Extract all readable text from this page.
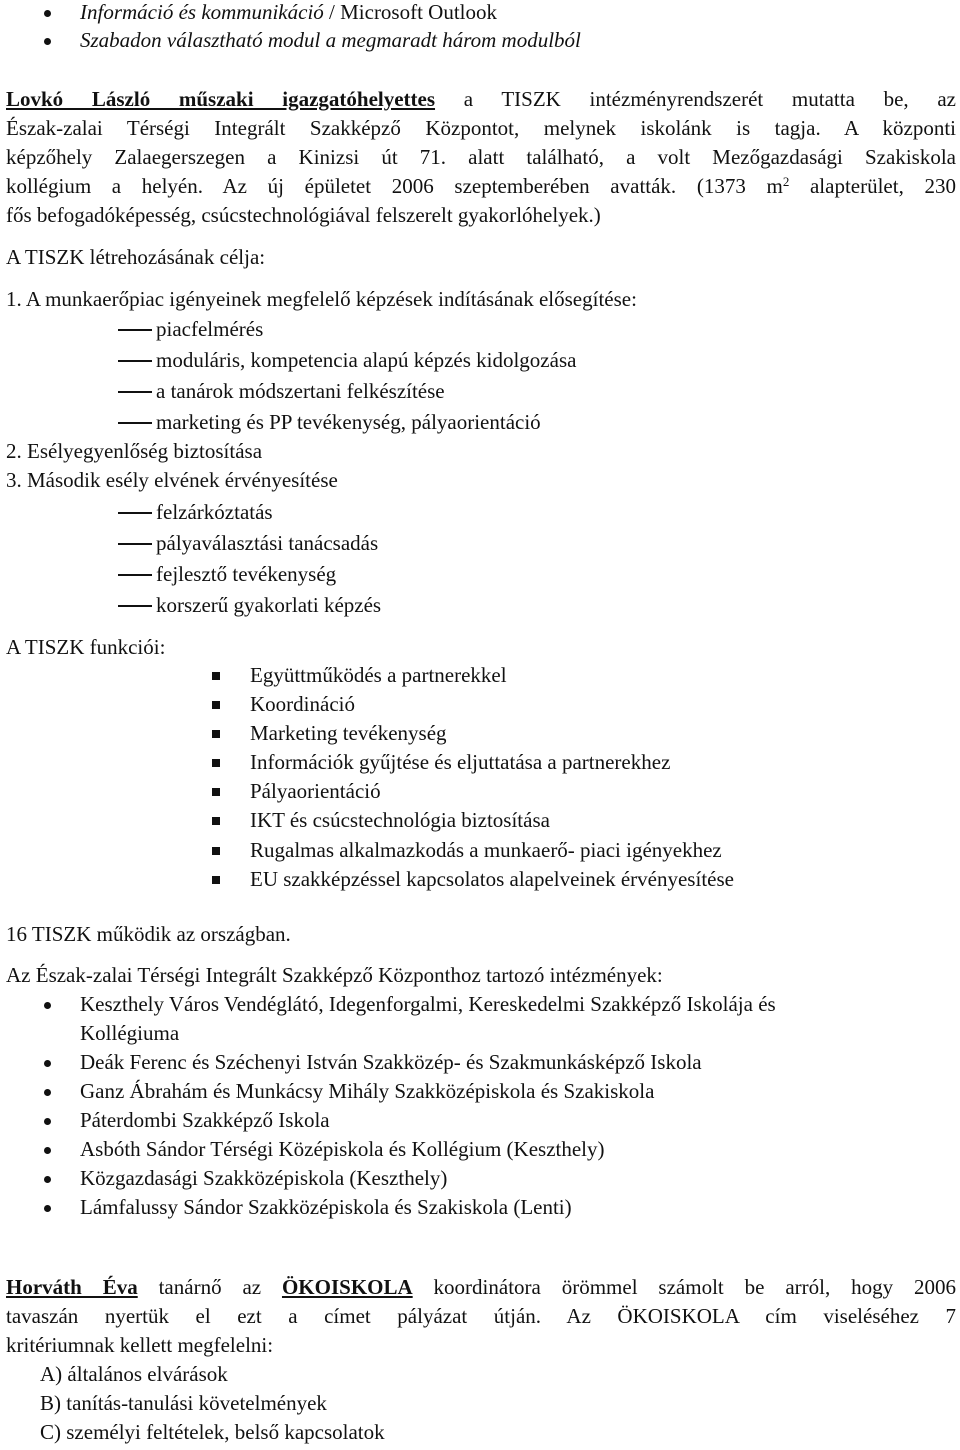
Információ és kommunikáció / Microsoft Outlook
Szabadon választható modul a megmaradt három modulból
Lovkó László műszaki igazgatóhelyettes a TISZK intézményrendszerét mutatta be, az
Észak-zalai Térségi Integrált Szakképző Központot, melynek iskolánk is tagja. A központi
képzőhely Zalaegerszegen a Kinizsi út 71. alatt található, a volt Mezőgazdasági Szakiskola
kollégium a helyén. Az új épületet 2006 szeptemberében avatták. (1373 $m^2$ alapterület, 230
fős befogadóképesség, csúcstechnológiával felszerelt gyakorlóhelyek.)
A TISZK létrehozásának célja:
1. A munkaerőpiac igényeinek megfelelő képzések indításának elősegítése:
piacfelmérés
moduláris, kompetencia alapú képzés kidolgozása
a tanárok módszertani felkészítése
marketing és PP tevékenység, pályaorientáció
2. Esélyegyenlőség biztosítása
3. Második esély elvének érvényesítése
felzárkóztatás
pályaválasztási tanácsadás
fejlesztő tevékenység
korszerű gyakorlati képzés
A TISZK funkciói:
Együttműködés a partnerekkel
Koordináció
Marketing tevékenység
Információk gyűjtése és eljuttatása a partnerekhez
Pályaorientáció
IKT és csúcstechnológia biztosítása
Rugalmas alkalmazkodás a munkaerő- piaci igényekhez
EU szakképzéssel kapcsolatos alapelveinek érvényesítése
16 TISZK működik az országban.
Az Észak-zalai Térségi Integrált Szakképző Központhoz tartozó intézmények:
Keszthely Város Vendéglátó, Idegenforgalmi, Kereskedelmi Szakképző Iskolája és
Kollégiuma
Deák Ferenc és Széchenyi István Szakközép- és Szakmunkásképző Iskola
Ganz Ábrahám és Munkácsy Mihály Szakközépiskola és Szakiskola
Páterdombi Szakképző Iskola
Asbóth Sándor Térségi Középiskola és Kollégium (Keszthely)
Közgazdasági Szakközépiskola (Keszthely)
Lámfalussy Sándor Szakközépiskola és Szakiskola (Lenti)
Horváth Éva tanárnő az ÖKOISKOLA koordinátora örömmel számolt be arról, hogy 2006
tavaszán nyertük el ezt a címet pályázat útján. Az ÖKOISKOLA cím viseléséhez 7
kritériumnak kellett megfelelni:
A) általános elvárások
B) tanítás-tanulási követelmények
C) személyi feltételek, belső kapcsolatok
